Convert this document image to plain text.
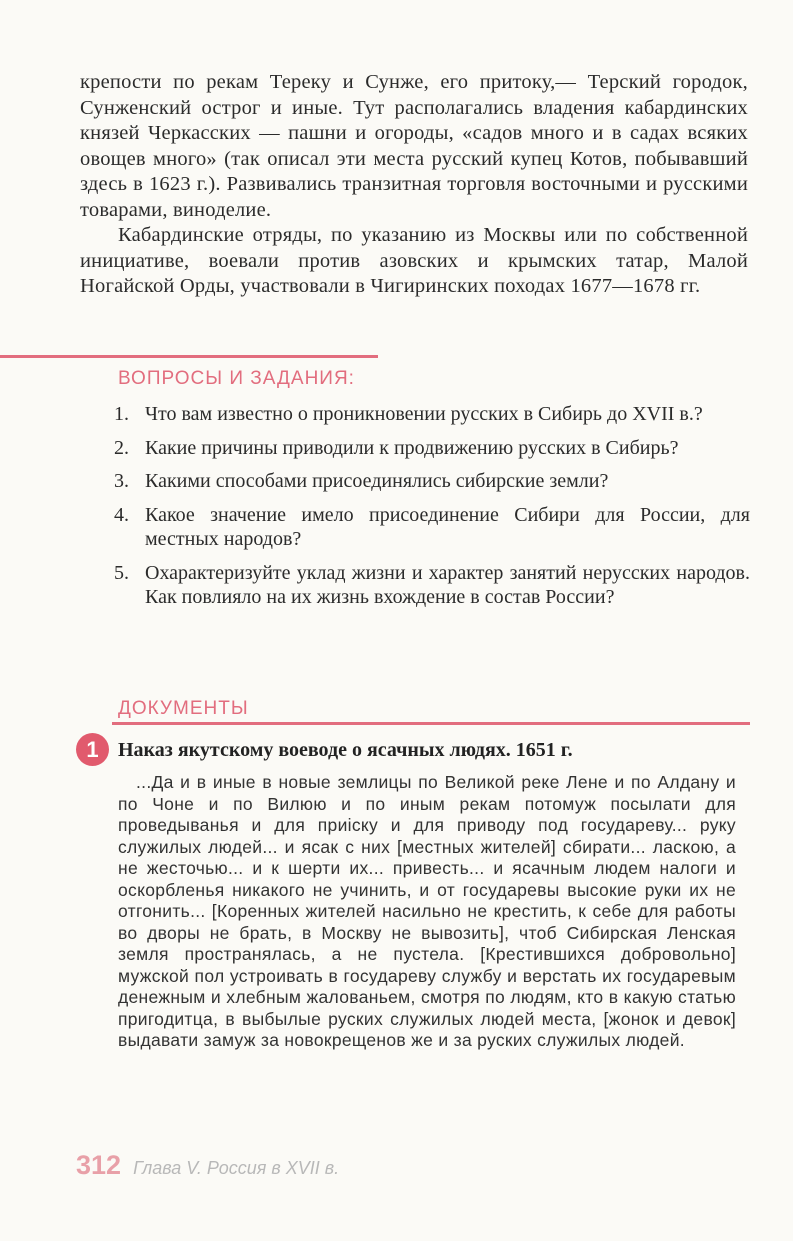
крепости по рекам Тереку и Сунже, его притоку,— Терский городок, Сунженский острог и иные. Тут располагались владения кабардинских князей Черкасских — пашни и огороды, «садов много и в садах всяких овощев много» (так описал эти места русский купец Котов, побывавший здесь в 1623 г.). Развивались транзитная торговля восточными и русскими товарами, виноделие.

Кабардинские отряды, по указанию из Москвы или по собственной инициативе, воевали против азовских и крымских татар, Малой Ногайской Орды, участвовали в Чигиринских походах 1677—1678 гг.

ВОПРОСЫ И ЗАДАНИЯ:
1. Что вам известно о проникновении русских в Сибирь до XVII в.?
2. Какие причины приводили к продвижению русских в Сибирь?
3. Какими способами присоединялись сибирские земли?
4. Какое значение имело присоединение Сибири для России, для местных народов?
5. Охарактеризуйте уклад жизни и характер занятий нерусских народов. Как повлияло на их жизнь вхождение в состав России?
ДОКУМЕНТЫ
1 Наказ якутскому воеводе о ясачных людях. 1651 г.
...Да и в иные в новые землицы по Великой реке Лене и по Алдану и по Чоне и по Вилюю и по иным рекам потомуж посылати для проведыванья и для приіску и для приводу под государеву... руку служилых людей... и ясак с них [местных жителей] сбирати... ласкою, а не жесточью... и к шерти их... привесть... и ясачным людем налоги и оскорбленья никакого не учинить, и от государевы высокие руки их не отгонить... [Коренных жителей насильно не крестить, к себе для работы во дворы не брать, в Москву не вывозить], чтоб Сибирская Ленская земля пространялась, а не пустела. [Крестившихся добровольно] мужской пол устроивать в государеву службу и верстать их государевым денежным и хлебным жалованьем, смотря по людям, кто в какую статью пригодитца, в выбылые руских служилых людей места, [жонок и девок] выдавати замуж за новокрещенов же и за руских служилых людей.
312 Глава V. Россия в XVII в.
